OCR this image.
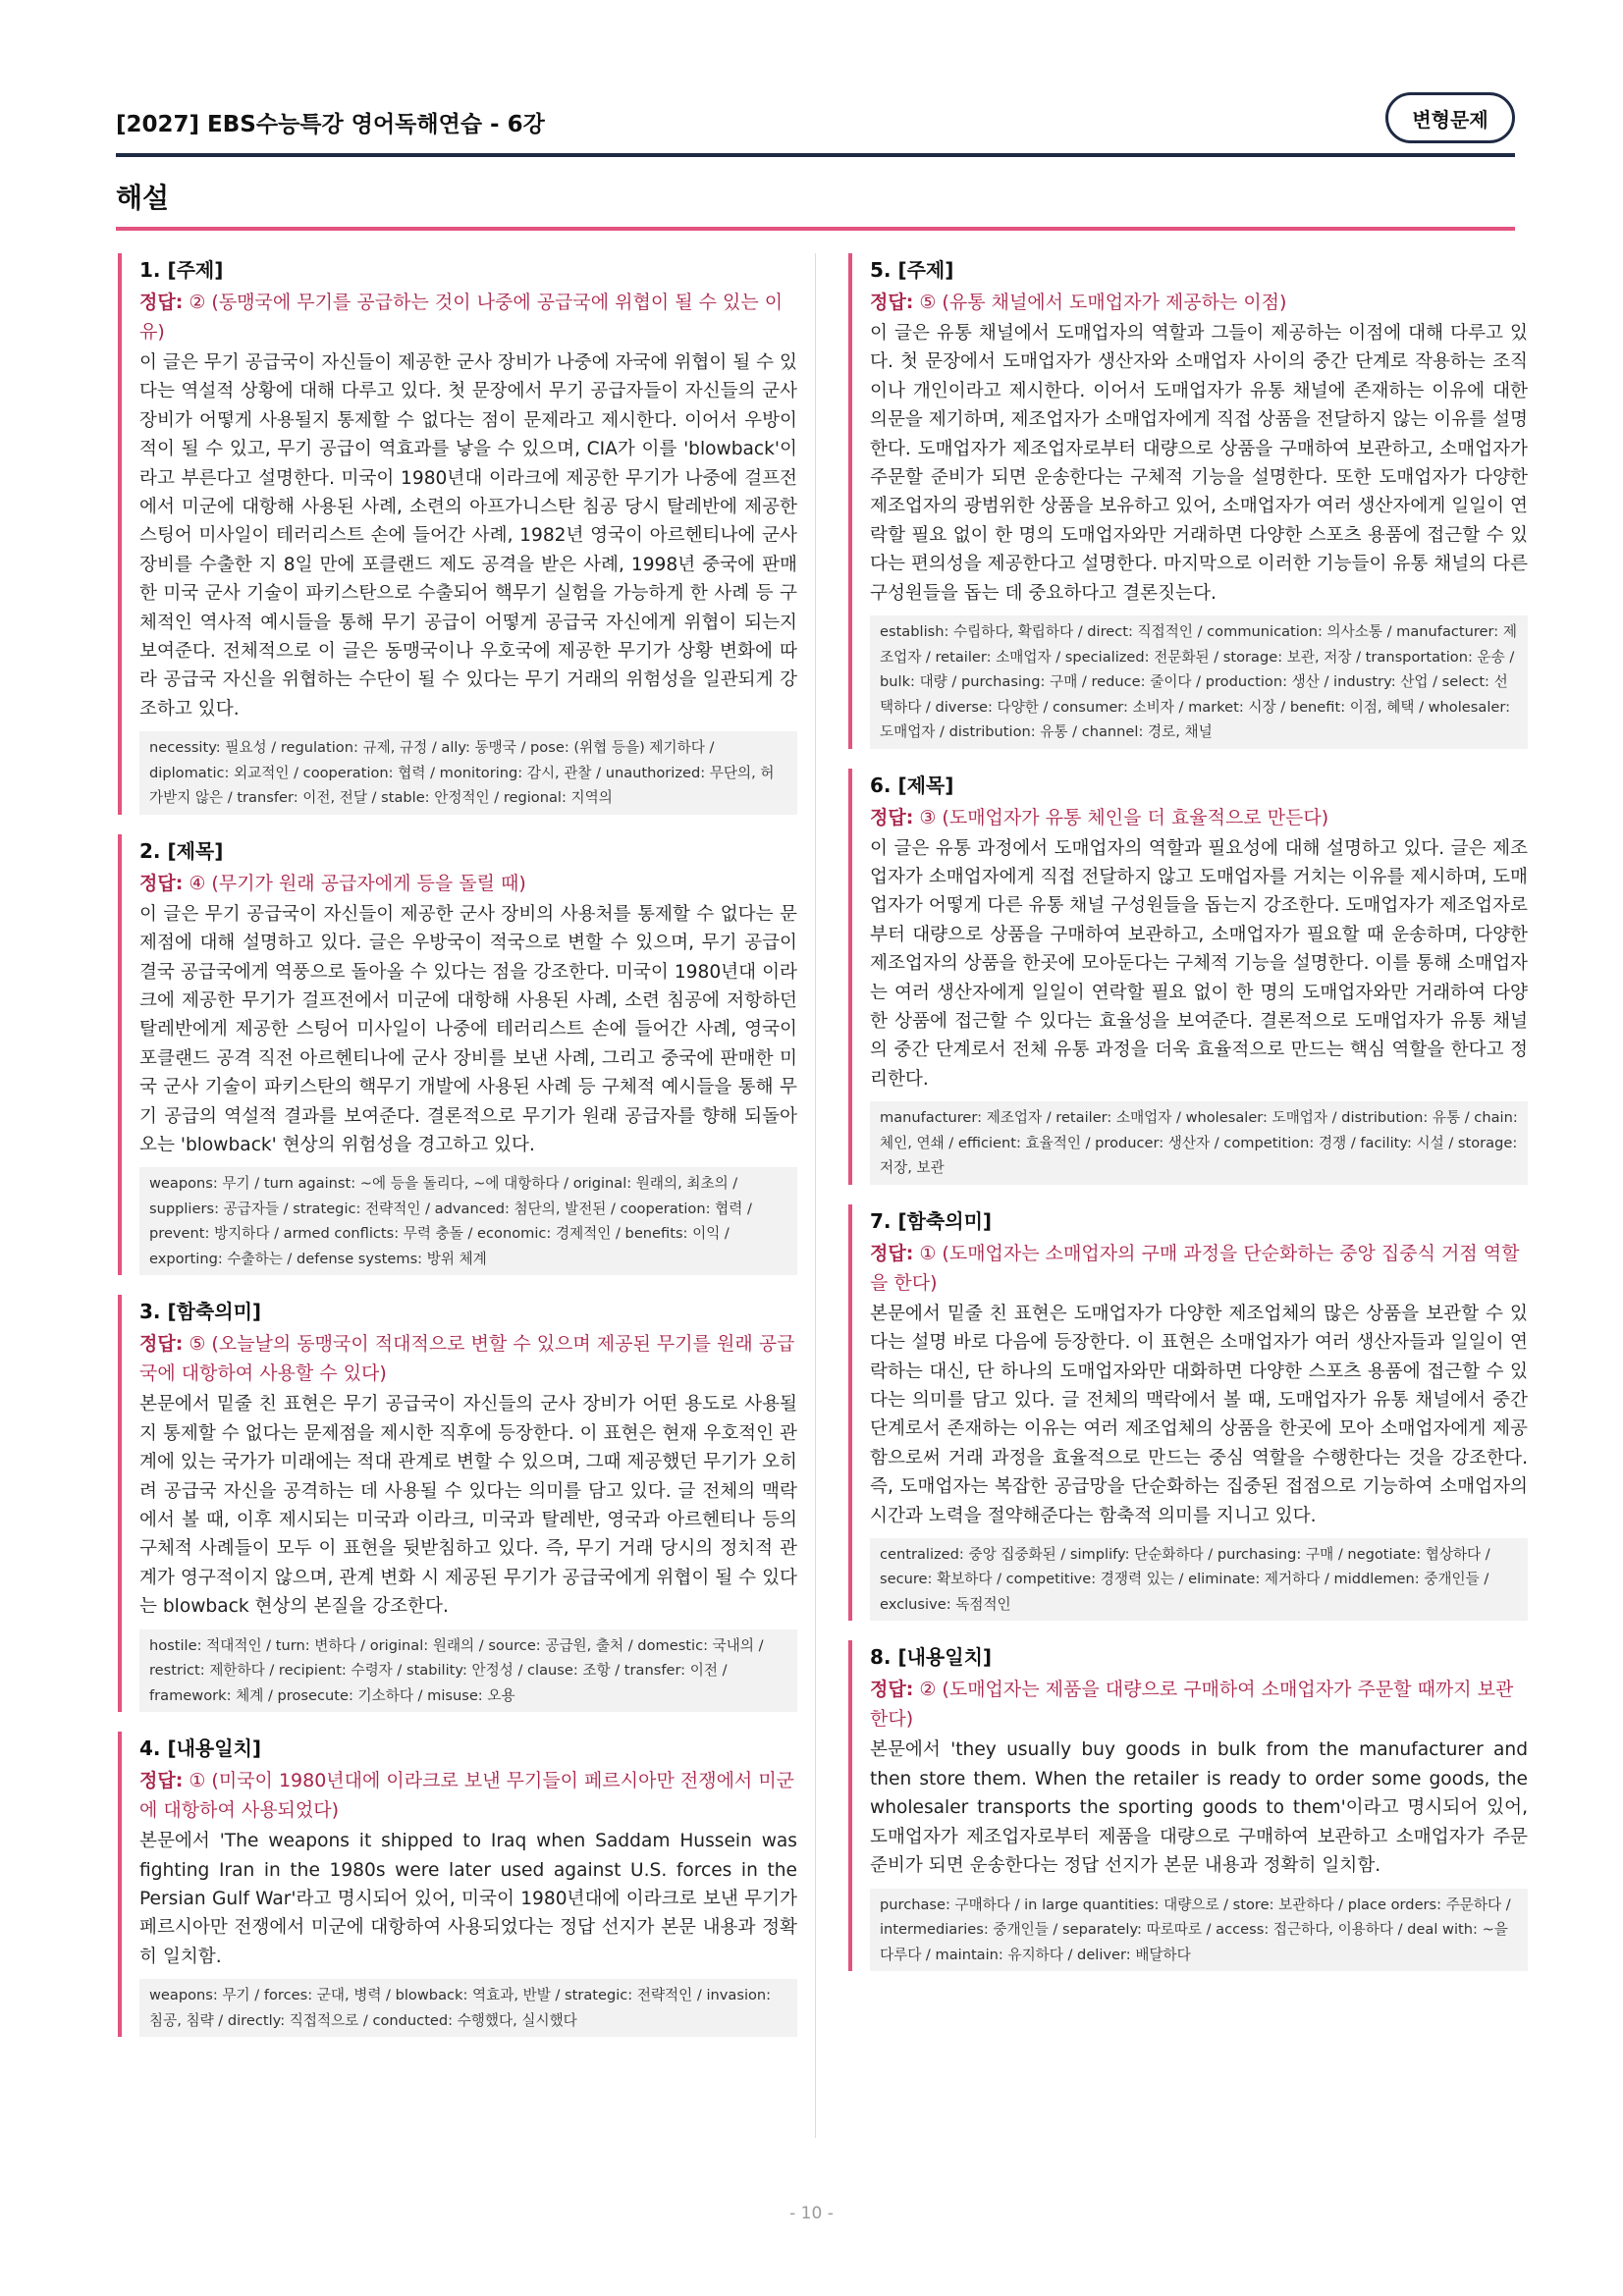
[2027] EBS수능특강 영어독해연습 - 6강	변형문제
해설
1. [주제]
정답: ② (동맹국에 무기를 공급하는 것이 나중에 공급국에 위협이 될 수 있는 이유)
이 글은 무기 공급국이 자신들이 제공한 군사 장비가 나중에 자국에 위협이 될 수 있다는 역설적 상황에 대해 다루고 있다. 첫 문장에서 무기 공급자들이 자신들의 군사 장비가 어떻게 사용될지 통제할 수 없다는 점이 문제라고 제시한다. 이어서 우방이 적이 될 수 있고, 무기 공급이 역효과를 낳을 수 있으며, CIA가 이를 'blowback'이라고 부른다고 설명한다. 미국이 1980년대 이라크에 제공한 무기가 나중에 걸프전에서 미군에 대항해 사용된 사례, 소련의 아프가니스탄 침공 당시 탈레반에 제공한 스팅어 미사일이 테러리스트 손에 들어간 사례, 1982년 영국이 아르헨티나에 군사 장비를 수출한 지 8일 만에 포클랜드 제도 공격을 받은 사례, 1998년 중국에 판매한 미국 군사 기술이 파키스탄으로 수출되어 핵무기 실험을 가능하게 한 사례 등 구체적인 역사적 예시들을 통해 무기 공급이 어떻게 공급국 자신에게 위협이 되는지 보여준다. 전체적으로 이 글은 동맹국이나 우호국에 제공한 무기가 상황 변화에 따라 공급국 자신을 위협하는 수단이 될 수 있다는 무기 거래의 위험성을 일관되게 강조하고 있다.
necessity: 필요성 / regulation: 규제, 규정 / ally: 동맹국 / pose: (위협 등을) 제기하다 / diplomatic: 외교적인 / cooperation: 협력 / monitoring: 감시, 관찰 / unauthorized: 무단의, 허가받지 않은 / transfer: 이전, 전달 / stable: 안정적인 / regional: 지역의
2. [제목]
정답: ④ (무기가 원래 공급자에게 등을 돌릴 때)
이 글은 무기 공급국이 자신들이 제공한 군사 장비의 사용처를 통제할 수 없다는 문제점에 대해 설명하고 있다. 글은 우방국이 적국으로 변할 수 있으며, 무기 공급이 결국 공급국에게 역풍으로 돌아올 수 있다는 점을 강조한다. 미국이 1980년대 이라크에 제공한 무기가 걸프전에서 미군에 대항해 사용된 사례, 소련 침공에 저항하던 탈레반에게 제공한 스팅어 미사일이 나중에 테러리스트 손에 들어간 사례, 영국이 포클랜드 공격 직전 아르헨티나에 군사 장비를 보낸 사례, 그리고 중국에 판매한 미국 군사 기술이 파키스탄의 핵무기 개발에 사용된 사례 등 구체적 예시들을 통해 무기 공급의 역설적 결과를 보여준다. 결론적으로 무기가 원래 공급자를 향해 되돌아오는 'blowback' 현상의 위험성을 경고하고 있다.
weapons: 무기 / turn against: ~에 등을 돌리다, ~에 대항하다 / original: 원래의, 최초의 / suppliers: 공급자들 / strategic: 전략적인 / advanced: 첨단의, 발전된 / cooperation: 협력 / prevent: 방지하다 / armed conflicts: 무력 충돌 / economic: 경제적인 / benefits: 이익 / exporting: 수출하는 / defense systems: 방위 체계
3. [함축의미]
정답: ⑤ (오늘날의 동맹국이 적대적으로 변할 수 있으며 제공된 무기를 원래 공급국에 대항하여 사용할 수 있다)
본문에서 밑줄 친 표현은 무기 공급국이 자신들의 군사 장비가 어떤 용도로 사용될지 통제할 수 없다는 문제점을 제시한 직후에 등장한다. 이 표현은 현재 우호적인 관계에 있는 국가가 미래에는 적대 관계로 변할 수 있으며, 그때 제공했던 무기가 오히려 공급국 자신을 공격하는 데 사용될 수 있다는 의미를 담고 있다. 글 전체의 맥락에서 볼 때, 이후 제시되는 미국과 이라크, 미국과 탈레반, 영국과 아르헨티나 등의 구체적 사례들이 모두 이 표현을 뒷받침하고 있다. 즉, 무기 거래 당시의 정치적 관계가 영구적이지 않으며, 관계 변화 시 제공된 무기가 공급국에게 위협이 될 수 있다는 blowback 현상의 본질을 강조한다.
hostile: 적대적인 / turn: 변하다 / original: 원래의 / source: 공급원, 출처 / domestic: 국내의 / restrict: 제한하다 / recipient: 수령자 / stability: 안정성 / clause: 조항 / transfer: 이전 / framework: 체계 / prosecute: 기소하다 / misuse: 오용
4. [내용일치]
정답: ① (미국이 1980년대에 이라크로 보낸 무기들이 페르시아만 전쟁에서 미군에 대항하여 사용되었다)
본문에서 'The weapons it shipped to Iraq when Saddam Hussein was fighting Iran in the 1980s were later used against U.S. forces in the Persian Gulf War'라고 명시되어 있어, 미국이 1980년대에 이라크로 보낸 무기가 페르시아만 전쟁에서 미군에 대항하여 사용되었다는 정답 선지가 본문 내용과 정확히 일치함.
weapons: 무기 / forces: 군대, 병력 / blowback: 역효과, 반발 / strategic: 전략적인 / invasion: 침공, 침략 / directly: 직접적으로 / conducted: 수행했다, 실시했다
5. [주제]
정답: ⑤ (유통 채널에서 도매업자가 제공하는 이점)
이 글은 유통 채널에서 도매업자의 역할과 그들이 제공하는 이점에 대해 다루고 있다. 첫 문장에서 도매업자가 생산자와 소매업자 사이의 중간 단계로 작용하는 조직이나 개인이라고 제시한다. 이어서 도매업자가 유통 채널에 존재하는 이유에 대한 의문을 제기하며, 제조업자가 소매업자에게 직접 상품을 전달하지 않는 이유를 설명한다. 도매업자가 제조업자로부터 대량으로 상품을 구매하여 보관하고, 소매업자가 주문할 준비가 되면 운송한다는 구체적 기능을 설명한다. 또한 도매업자가 다양한 제조업자의 광범위한 상품을 보유하고 있어, 소매업자가 여러 생산자에게 일일이 연락할 필요 없이 한 명의 도매업자와만 거래하면 다양한 스포츠 용품에 접근할 수 있다는 편의성을 제공한다고 설명한다. 마지막으로 이러한 기능들이 유통 채널의 다른 구성원들을 돕는 데 중요하다고 결론짓는다.
establish: 수립하다, 확립하다 / direct: 직접적인 / communication: 의사소통 / manufacturer: 제조업자 / retailer: 소매업자 / specialized: 전문화된 / storage: 보관, 저장 / transportation: 운송 / bulk: 대량 / purchasing: 구매 / reduce: 줄이다 / production: 생산 / industry: 산업 / select: 선택하다 / diverse: 다양한 / consumer: 소비자 / market: 시장 / benefit: 이점, 혜택 / wholesaler: 도매업자 / distribution: 유통 / channel: 경로, 채널
6. [제목]
정답: ③ (도매업자가 유통 체인을 더 효율적으로 만든다)
이 글은 유통 과정에서 도매업자의 역할과 필요성에 대해 설명하고 있다. 글은 제조업자가 소매업자에게 직접 전달하지 않고 도매업자를 거치는 이유를 제시하며, 도매업자가 어떻게 다른 유통 채널 구성원들을 돕는지 강조한다. 도매업자가 제조업자로부터 대량으로 상품을 구매하여 보관하고, 소매업자가 필요할 때 운송하며, 다양한 제조업자의 상품을 한곳에 모아둔다는 구체적 기능을 설명한다. 이를 통해 소매업자는 여러 생산자에게 일일이 연락할 필요 없이 한 명의 도매업자와만 거래하여 다양한 상품에 접근할 수 있다는 효율성을 보여준다. 결론적으로 도매업자가 유통 채널의 중간 단계로서 전체 유통 과정을 더욱 효율적으로 만드는 핵심 역할을 한다고 정리한다.
manufacturer: 제조업자 / retailer: 소매업자 / wholesaler: 도매업자 / distribution: 유통 / chain: 체인, 연쇄 / efficient: 효율적인 / producer: 생산자 / competition: 경쟁 / facility: 시설 / storage: 저장, 보관
7. [함축의미]
정답: ① (도매업자는 소매업자의 구매 과정을 단순화하는 중앙 집중식 거점 역할을 한다)
본문에서 밑줄 친 표현은 도매업자가 다양한 제조업체의 많은 상품을 보관할 수 있다는 설명 바로 다음에 등장한다. 이 표현은 소매업자가 여러 생산자들과 일일이 연락하는 대신, 단 하나의 도매업자와만 대화하면 다양한 스포츠 용품에 접근할 수 있다는 의미를 담고 있다. 글 전체의 맥락에서 볼 때, 도매업자가 유통 채널에서 중간 단계로서 존재하는 이유는 여러 제조업체의 상품을 한곳에 모아 소매업자에게 제공함으로써 거래 과정을 효율적으로 만드는 중심 역할을 수행한다는 것을 강조한다. 즉, 도매업자는 복잡한 공급망을 단순화하는 집중된 접점으로 기능하여 소매업자의 시간과 노력을 절약해준다는 함축적 의미를 지니고 있다.
centralized: 중앙 집중화된 / simplify: 단순화하다 / purchasing: 구매 / negotiate: 협상하다 / secure: 확보하다 / competitive: 경쟁력 있는 / eliminate: 제거하다 / middlemen: 중개인들 / exclusive: 독점적인
8. [내용일치]
정답: ② (도매업자는 제품을 대량으로 구매하여 소매업자가 주문할 때까지 보관한다)
본문에서 'they usually buy goods in bulk from the manufacturer and then store them. When the retailer is ready to order some goods, the wholesaler transports the sporting goods to them'이라고 명시되어 있어, 도매업자가 제조업자로부터 제품을 대량으로 구매하여 보관하고 소매업자가 주문 준비가 되면 운송한다는 정답 선지가 본문 내용과 정확히 일치함.
purchase: 구매하다 / in large quantities: 대량으로 / store: 보관하다 / place orders: 주문하다 / intermediaries: 중개인들 / separately: 따로따로 / access: 접근하다, 이용하다 / deal with: ~을 다루다 / maintain: 유지하다 / deliver: 배달하다
- 10 -
